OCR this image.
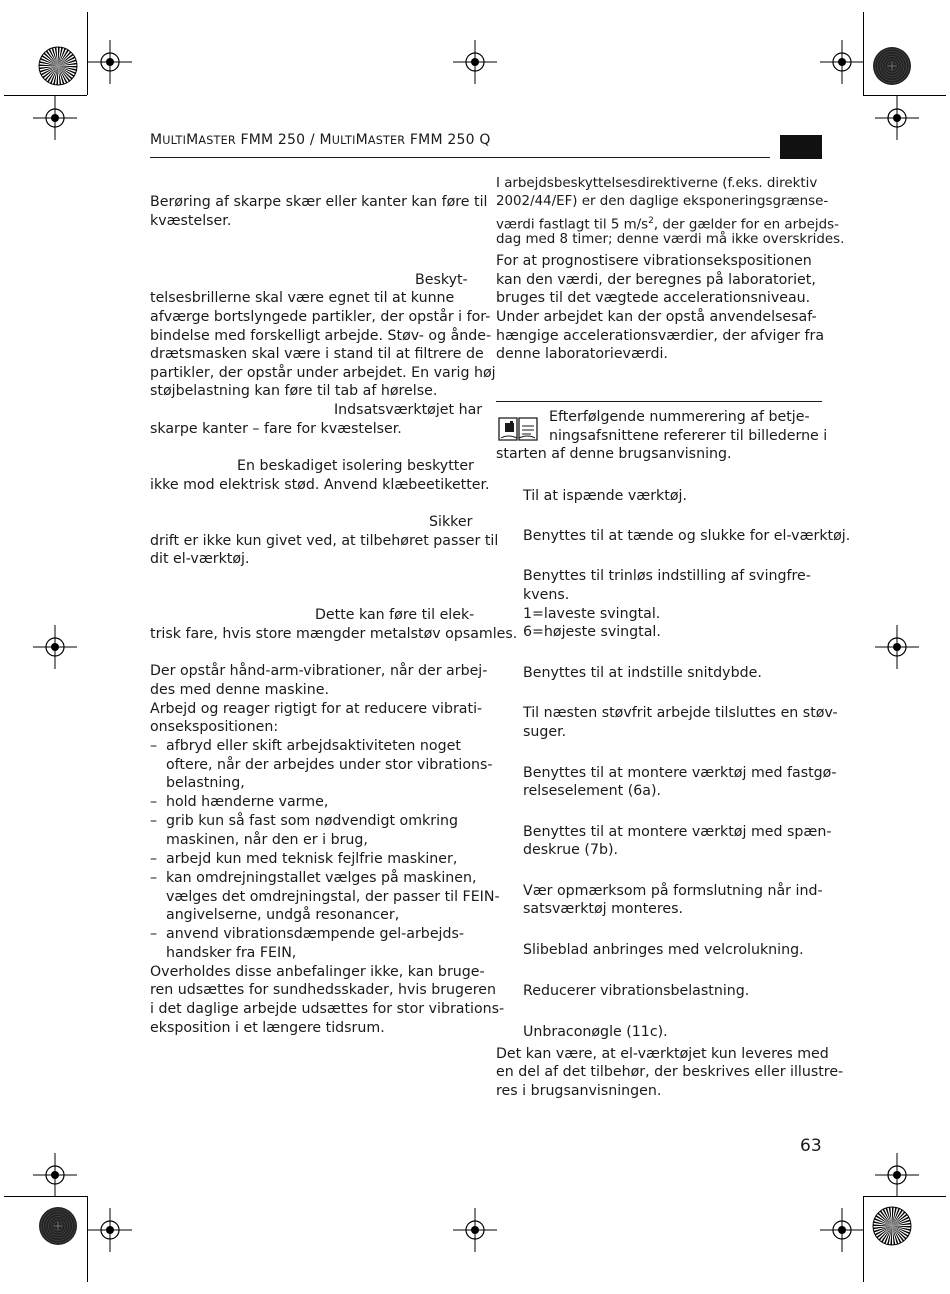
MULTIMASTER FMM 250 / MULTIMASTER FMM 250 Q
Berøring af skarpe skær eller kanter kan føre til
kvæstelser.
Beskyt-
telsesbrillerne skal være egnet til at kunne
afværge bortslyngede partikler, der opstår i for-
bindelse med forskelligt arbejde. Støv- og ånde-
drætsmasken skal være i stand til at filtrere de
partikler, der opstår under arbejdet. En varig høj
støjbelastning kan føre til tab af hørelse.
Indsatsværktøjet har
skarpe kanter – fare for kvæstelser.
En beskadiget isolering beskytter
ikke mod elektrisk stød. Anvend klæbeetiketter.
Sikker
drift er ikke kun givet ved, at tilbehøret passer til
dit el-værktøj.
Dette kan føre til elek-
trisk fare, hvis store mængder metalstøv opsamles.
Der opstår hånd-arm-vibrationer, når der arbej-
des med denne maskine.
Arbejd og reager rigtigt for at reducere vibrati-
onsekspositionen:
– afbryd eller skift arbejdsaktiviteten noget
oftere, når der arbejdes under stor vibrations-
belastning,
– hold hænderne varme,
– grib kun så fast som nødvendigt omkring
maskinen, når den er i brug,
– arbejd kun med teknisk fejlfrie maskiner,
– kan omdrejningstallet vælges på maskinen,
vælges det omdrejningstal, der passer til FEIN-
angivelserne, undgå resonancer,
– anvend vibrationsdæmpende gel-arbejds-
handsker fra FEIN,
Overholdes disse anbefalinger ikke, kan bruge-
ren udsættes for sundhedsskader, hvis brugeren
i det daglige arbejde udsættes for stor vibrations-
eksposition i et længere tidsrum.
I arbejdsbeskyttelsesdirektiverne (f.eks. direktiv
2002/44/EF) er den daglige eksponeringsgrænse-
værdi fastlagt til 5 $m/s^2$, der gælder for en arbejds-
dag med 8 timer; denne værdi må ikke overskrides.
For at prognostisere vibrationsekspositionen
kan den værdi, der beregnes på laboratoriet,
bruges til det vægtede accelerationsniveau.
Under arbejdet kan der opstå anvendelsesaf-
hængige accelerationsværdier, der afviger fra
denne laboratorieværdi.
Efterfølgende nummerering af betje-
ningsafsnittene refererer til billederne i
starten af denne brugsanvisning.
Til at ispænde værktøj.
Benyttes til at tænde og slukke for el-værktøj.
Benyttes til trinløs indstilling af svingfre-
kvens.
1=laveste svingtal.
6=højeste svingtal.
Benyttes til at indstille snitdybde.
Til næsten støvfrit arbejde tilsluttes en støv-
suger.
Benyttes til at montere værktøj med fastgø-
relseselement (6a).
Benyttes til at montere værktøj med spæn-
deskrue (7b).
Vær opmærksom på formslutning når ind-
satsværktøj monteres.
Slibeblad anbringes med velcrolukning.
Reducerer vibrationsbelastning.
Unbraconøgle (11c).
Det kan være, at el-værktøjet kun leveres med
en del af det tilbehør, der beskrives eller illustre-
res i brugsanvisningen.
63
